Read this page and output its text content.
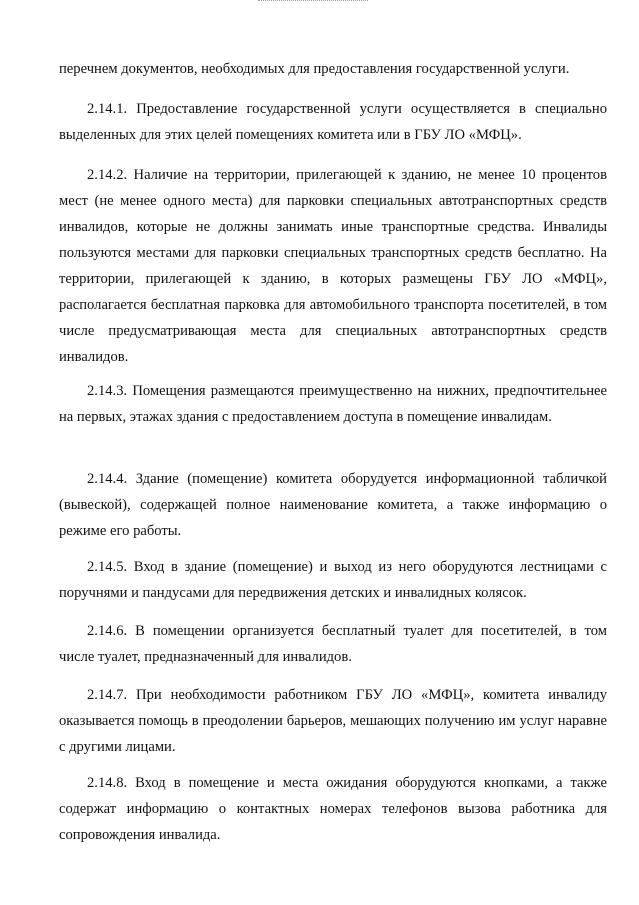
перечнем документов, необходимых для предоставления государственной услуги.

2.14.1. Предоставление государственной услуги осуществляется в специально выделенных для этих целей помещениях комитета или в ГБУ ЛО «МФЦ».

2.14.2. Наличие на территории, прилегающей к зданию, не менее 10 процентов мест (не менее одного места) для парковки специальных автотранспортных средств инвалидов, которые не должны занимать иные транспортные средства. Инвалиды пользуются местами для парковки специальных транспортных средств бесплатно. На территории, прилегающей к зданию, в которых размещены ГБУ ЛО «МФЦ», располагается бесплатная парковка для автомобильного транспорта посетителей, в том числе предусматривающая места для специальных автотранспортных средств инвалидов.

2.14.3. Помещения размещаются преимущественно на нижних, предпочтительнее на первых, этажах здания с предоставлением доступа в помещение инвалидам.

2.14.4. Здание (помещение) комитета оборудуется информационной табличкой (вывеской), содержащей полное наименование комитета, а также информацию о режиме его работы.

2.14.5. Вход в здание (помещение) и выход из него оборудуются лестницами с поручнями и пандусами для передвижения детских и инвалидных колясок.

2.14.6. В помещении организуется бесплатный туалет для посетителей, в том числе туалет, предназначенный для инвалидов.

2.14.7. При необходимости работником ГБУ ЛО «МФЦ», комитета инвалиду оказывается помощь в преодолении барьеров, мешающих получению им услуг наравне с другими лицами.

2.14.8. Вход в помещение и места ожидания оборудуются кнопками, а также содержат информацию о контактных номерах телефонов вызова работника для сопровождения инвалида.
